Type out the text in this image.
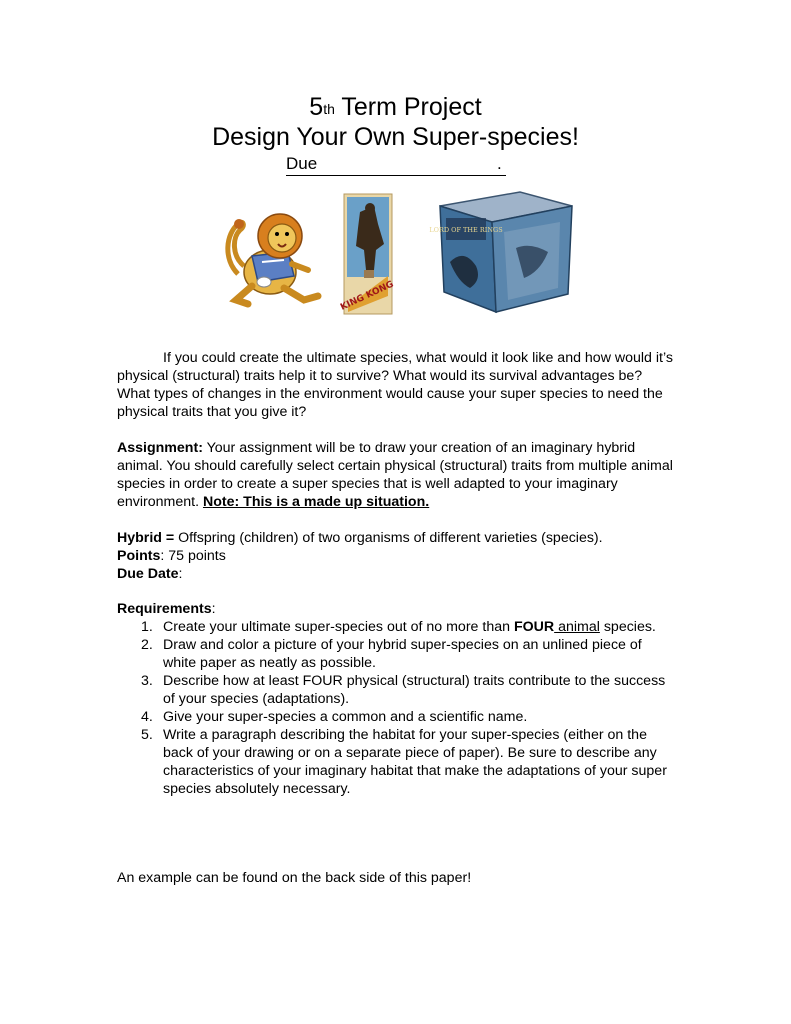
5th Term Project
Design Your Own Super-species!
Due	.
KING KONG
LORD OF THE RINGS
If you could create the ultimate species, what would it look like and how would it’s physical (structural) traits help it to survive? What would its survival advantages be? What types of changes in the environment would cause your super species to need the physical traits that you give it?
Assignment: Your assignment will be to draw your creation of an imaginary hybrid animal. You should carefully select certain physical (structural) traits from multiple animal species in order to create a super species that is well adapted to your imaginary environment. Note: This is a made up situation.
Hybrid = Offspring (children) of two organisms of different varieties (species).
Points: 75 points
Due Date:
Requirements:
1. Create your ultimate super-species out of no more than FOUR animal species.
2. Draw and color a picture of your hybrid super-species on an unlined piece of white paper as neatly as possible.
3. Describe how at least FOUR physical (structural) traits contribute to the success of your species (adaptations).
4. Give your super-species a common and a scientific name.
5. Write a paragraph describing the habitat for your super-species (either on the back of your drawing or on a separate piece of paper). Be sure to describe any characteristics of your imaginary habitat that make the adaptations of your super species absolutely necessary.
An example can be found on the back side of this paper!
